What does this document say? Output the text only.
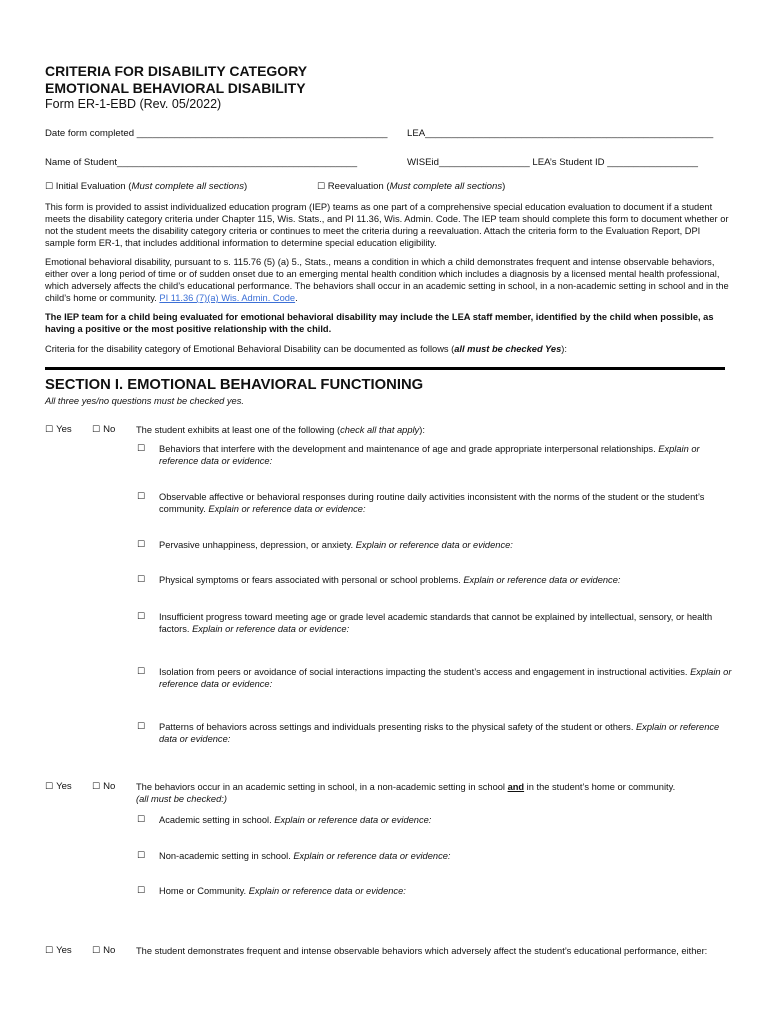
CRITERIA FOR DISABILITY CATEGORY
EMOTIONAL BEHAVIORAL DISABILITY
Form ER-1-EBD (Rev. 05/2022)
Date form completed _______________________________________________ LEA______________________________________________________
Name of Student_____________________________________________	WISEid_________________ LEA’s Student ID _________________
☐ Initial Evaluation (Must complete all sections)	☐ Reevaluation (Must complete all sections)
This form is provided to assist individualized education program (IEP) teams as one part of a comprehensive special education evaluation to document if a student meets the disability category criteria under Chapter 115, Wis. Stats., and PI 11.36, Wis. Admin. Code. The IEP team should complete this form to document whether or not the student meets the disability category criteria or continues to meet the criteria during a reevaluation. Attach the criteria form to the Evaluation Report, DPI sample form ER-1, that includes additional information to determine special education eligibility.
Emotional behavioral disability, pursuant to s. 115.76 (5) (a) 5., Stats., means a condition in which a child demonstrates frequent and intense observable behaviors, either over a long period of time or of sudden onset due to an emerging mental health condition which includes a diagnosis by a licensed mental health professional, which adversely affects the child’s educational performance. The behaviors shall occur in an academic setting in school, in a non-academic setting in school and in the child’s home or community. PI 11.36 (7)(a) Wis. Admin. Code.
The IEP team for a child being evaluated for emotional behavioral disability may include the LEA staff member, identified by the child when possible, as having a positive or the most positive relationship with the child.
Criteria for the disability category of Emotional Behavioral Disability can be documented as follows (all must be checked Yes):
SECTION I. EMOTIONAL BEHAVIORAL FUNCTIONING
All three yes/no questions must be checked yes.
☐ Yes ☐ No The student exhibits at least one of the following (check all that apply):
☐	Behaviors that interfere with the development and maintenance of age and grade appropriate interpersonal relationships. Explain or reference data or evidence:
☐	Observable affective or behavioral responses during routine daily activities inconsistent with the norms of the student or the student’s community. Explain or reference data or evidence:
☐	Pervasive unhappiness, depression, or anxiety. Explain or reference data or evidence:
☐	Physical symptoms or fears associated with personal or school problems. Explain or reference data or evidence:
☐	Insufficient progress toward meeting age or grade level academic standards that cannot be explained by intellectual, sensory, or health factors. Explain or reference data or evidence:
☐	Isolation from peers or avoidance of social interactions impacting the student’s access and engagement in instructional activities. Explain or reference data or evidence:
☐	Patterns of behaviors across settings and individuals presenting risks to the physical safety of the student or others. Explain or reference data or evidence:
☐ Yes ☐ No The behaviors occur in an academic setting in school, in a non-academic setting in school and in the student’s home or community.
(all must be checked:)
☐	Academic setting in school. Explain or reference data or evidence:
☐	Non-academic setting in school. Explain or reference data or evidence:
☐	Home or Community. Explain or reference data or evidence:
☐ Yes ☐ No The student demonstrates frequent and intense observable behaviors which adversely affect the student’s educational performance, either:
